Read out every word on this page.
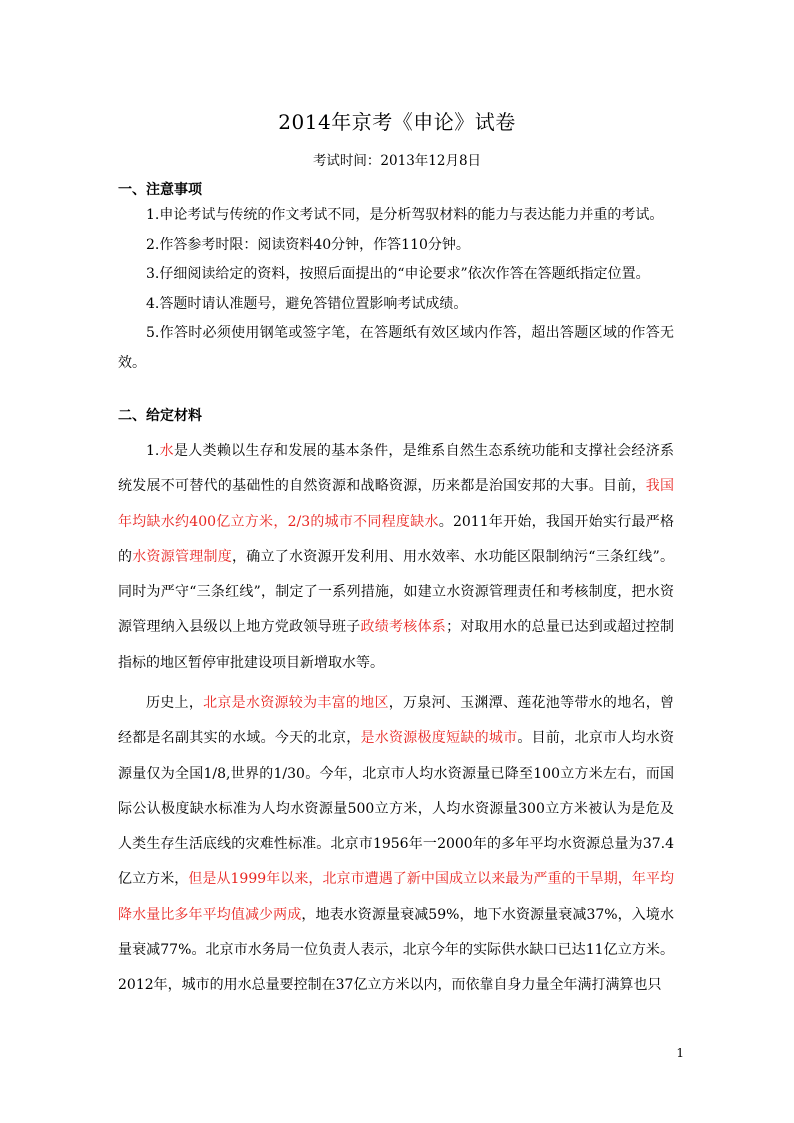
2014年京考《申论》试卷
考试时间：2013年12月8日
一、注意事项

1.申论考试与传统的作文考试不同，是分析驾驭材料的能力与表达能力并重的考试。

2.作答参考时限：阅读资料40分钟，作答110分钟。

3.仔细阅读给定的资料，按照后面提出的“申论要求”依次作答在答题纸指定位置。

4.答题时请认准题号，避免答错位置影响考试成绩。

5.作答时必须使用钢笔或签字笔，在答题纸有效区域内作答，超出答题区域的作答无效。

二、给定材料

1.水是人类赖以生存和发展的基本条件，是维系自然生态系统功能和支撑社会经济系统发展不可替代的基础性的自然资源和战略资源，历来都是治国安邦的大事。目前，我国年均缺水约400亿立方米，2/3的城市不同程度缺水。2011年开始，我国开始实行最严格的水资源管理制度，确立了水资源开发利用、用水效率、水功能区限制纳污“三条红线”。同时为严守“三条红线”，制定了一系列措施，如建立水资源管理责任和考核制度，把水资源管理纳入县级以上地方党政领导班子政绩考核体系；对取用水的总量已达到或超过控制指标的地区暂停审批建设项目新增取水等。

历史上，北京是水资源较为丰富的地区，万泉河、玉渊潭、莲花池等带水的地名，曾经都是名副其实的水域。今天的北京，是水资源极度短缺的城市。目前，北京市人均水资源量仅为全国1/8,世界的1/30。今年，北京市人均水资源量已降至100立方米左右，而国际公认极度缺水标准为人均水资源量500立方米，人均水资源量300立方米被认为是危及人类生存生活底线的灾难性标准。北京市1956年一2000年的多年平均水资源总量为37.4亿立方米，但是从1999年以来，北京市遭遇了新中国成立以来最为严重的干旱期，年平均降水量比多年平均值减少两成，地表水资源量衰减59%，地下水资源量衰减37%，入境水量衰减77%。北京市水务局一位负责人表示，北京今年的实际供水缺口已达11亿立方米。2012年，城市的用水总量要控制在37亿立方米以内，而依靠自身力量全年满打满算也只

1
